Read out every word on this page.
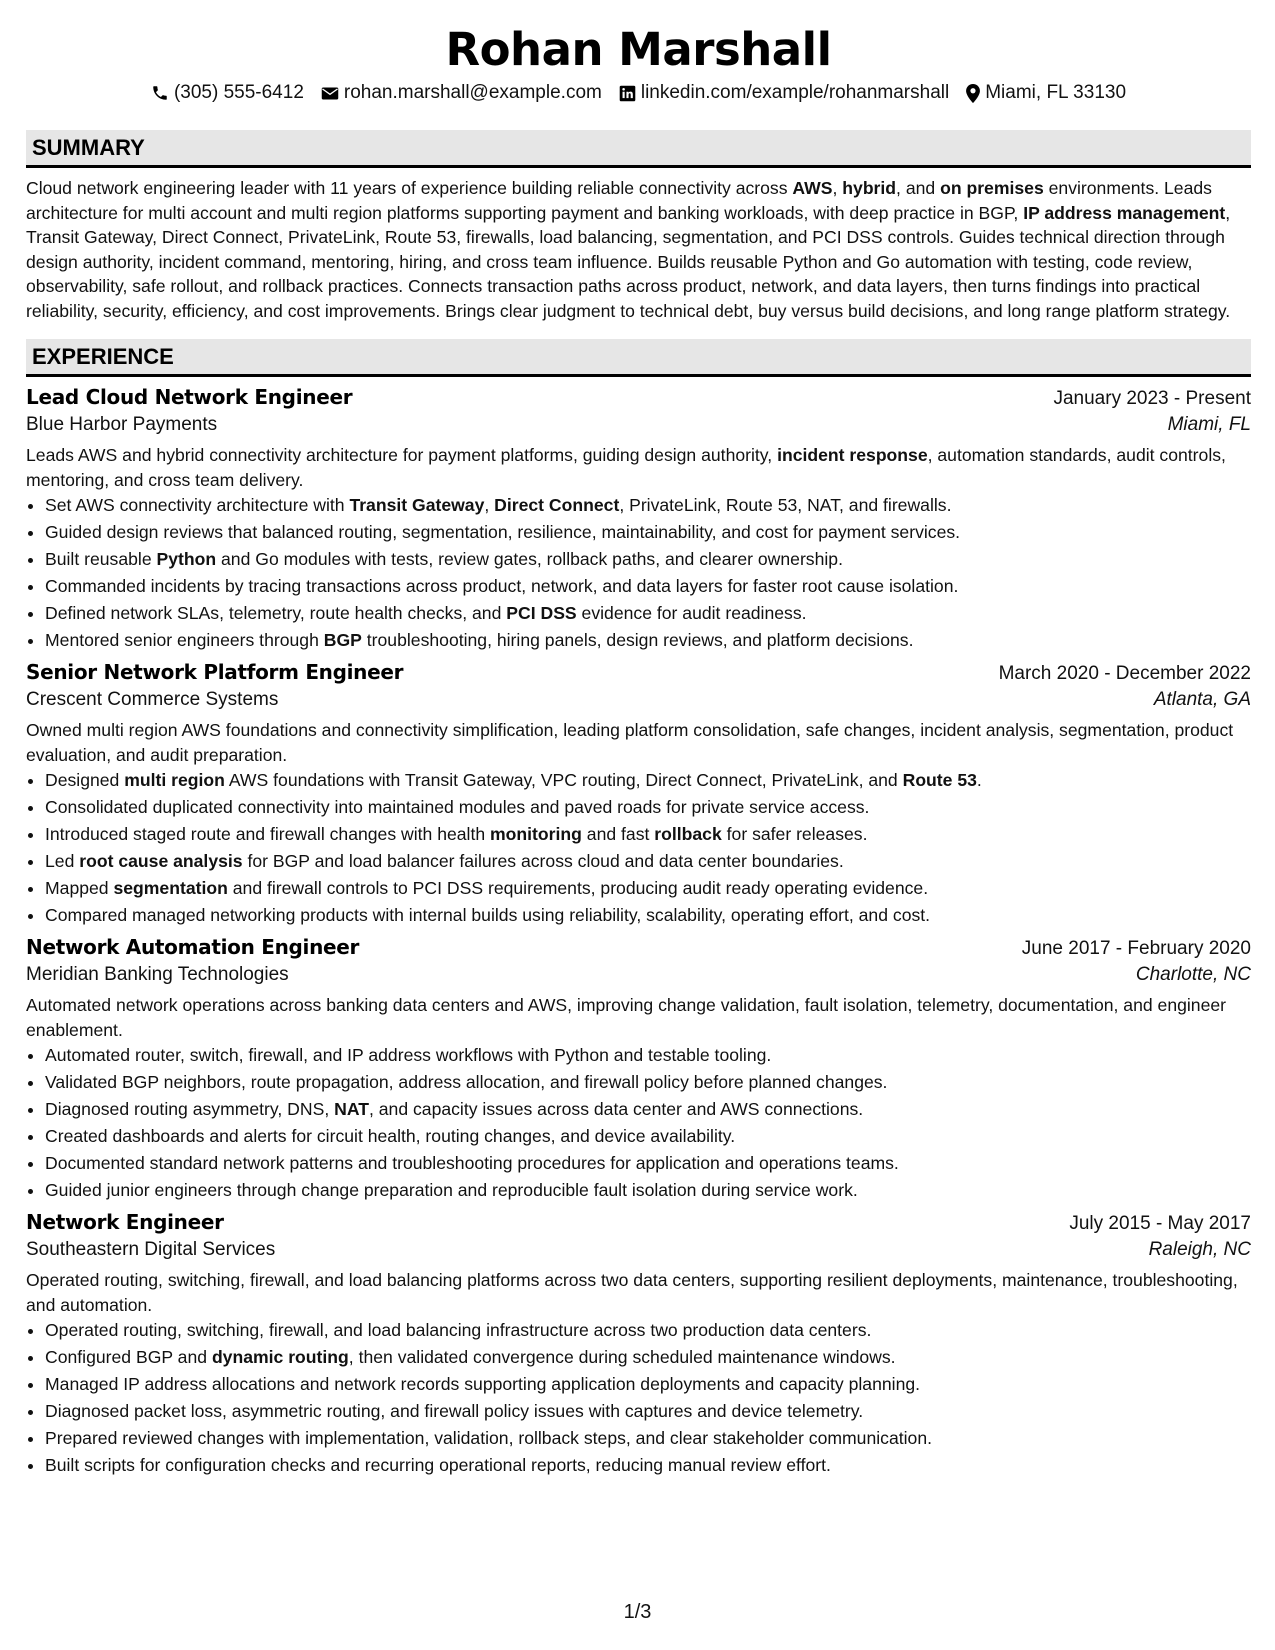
Rohan Marshall
(305) 555-6412 rohan.marshall@example.com linkedin.com/example/rohanmarshall Miami, FL 33130
SUMMARY

Cloud network engineering leader with 11 years of experience building reliable connectivity across AWS, hybrid, and on premises environments. Leads architecture for multi account and multi region platforms supporting payment and banking workloads, with deep practice in BGP, IP address management, Transit Gateway, Direct Connect, PrivateLink, Route 53, firewalls, load balancing, segmentation, and PCI DSS controls. Guides technical direction through design authority, incident command, mentoring, hiring, and cross team influence. Builds reusable Python and Go automation with testing, code review, observability, safe rollout, and rollback practices. Connects transaction paths across product, network, and data layers, then turns findings into practical reliability, security, efficiency, and cost improvements. Brings clear judgment to technical debt, buy versus build decisions, and long range platform strategy.

EXPERIENCE
Lead Cloud Network Engineer	January 2023 - Present
Blue Harbor Payments	Miami, FL

Leads AWS and hybrid connectivity architecture for payment platforms, guiding design authority, incident response, automation standards, audit controls, mentoring, and cross team delivery.

• Set AWS connectivity architecture with Transit Gateway, Direct Connect, PrivateLink, Route 53, NAT, and firewalls.
• Guided design reviews that balanced routing, segmentation, resilience, maintainability, and cost for payment services.
• Built reusable Python and Go modules with tests, review gates, rollback paths, and clearer ownership.
• Commanded incidents by tracing transactions across product, network, and data layers for faster root cause isolation.
• Defined network SLAs, telemetry, route health checks, and PCI DSS evidence for audit readiness.
• Mentored senior engineers through BGP troubleshooting, hiring panels, design reviews, and platform decisions.
Senior Network Platform Engineer	March 2020 - December 2022
Crescent Commerce Systems	Atlanta, GA

Owned multi region AWS foundations and connectivity simplification, leading platform consolidation, safe changes, incident analysis, segmentation, product evaluation, and audit preparation.

• Designed multi region AWS foundations with Transit Gateway, VPC routing, Direct Connect, PrivateLink, and Route 53.
• Consolidated duplicated connectivity into maintained modules and paved roads for private service access.
• Introduced staged route and firewall changes with health monitoring and fast rollback for safer releases.
• Led root cause analysis for BGP and load balancer failures across cloud and data center boundaries.
• Mapped segmentation and firewall controls to PCI DSS requirements, producing audit ready operating evidence.
• Compared managed networking products with internal builds using reliability, scalability, operating effort, and cost.
Network Automation Engineer	June 2017 - February 2020
Meridian Banking Technologies	Charlotte, NC

Automated network operations across banking data centers and AWS, improving change validation, fault isolation, telemetry, documentation, and engineer enablement.

• Automated router, switch, firewall, and IP address workflows with Python and testable tooling.
• Validated BGP neighbors, route propagation, address allocation, and firewall policy before planned changes.
• Diagnosed routing asymmetry, DNS, NAT, and capacity issues across data center and AWS connections.
• Created dashboards and alerts for circuit health, routing changes, and device availability.
• Documented standard network patterns and troubleshooting procedures for application and operations teams.
• Guided junior engineers through change preparation and reproducible fault isolation during service work.
Network Engineer	July 2015 - May 2017
Southeastern Digital Services	Raleigh, NC

Operated routing, switching, firewall, and load balancing platforms across two data centers, supporting resilient deployments, maintenance, troubleshooting, and automation.

• Operated routing, switching, firewall, and load balancing infrastructure across two production data centers.
• Configured BGP and dynamic routing, then validated convergence during scheduled maintenance windows.
• Managed IP address allocations and network records supporting application deployments and capacity planning.
• Diagnosed packet loss, asymmetric routing, and firewall policy issues with captures and device telemetry.
• Prepared reviewed changes with implementation, validation, rollback steps, and clear stakeholder communication.
• Built scripts for configuration checks and recurring operational reports, reducing manual review effort.
1/3
